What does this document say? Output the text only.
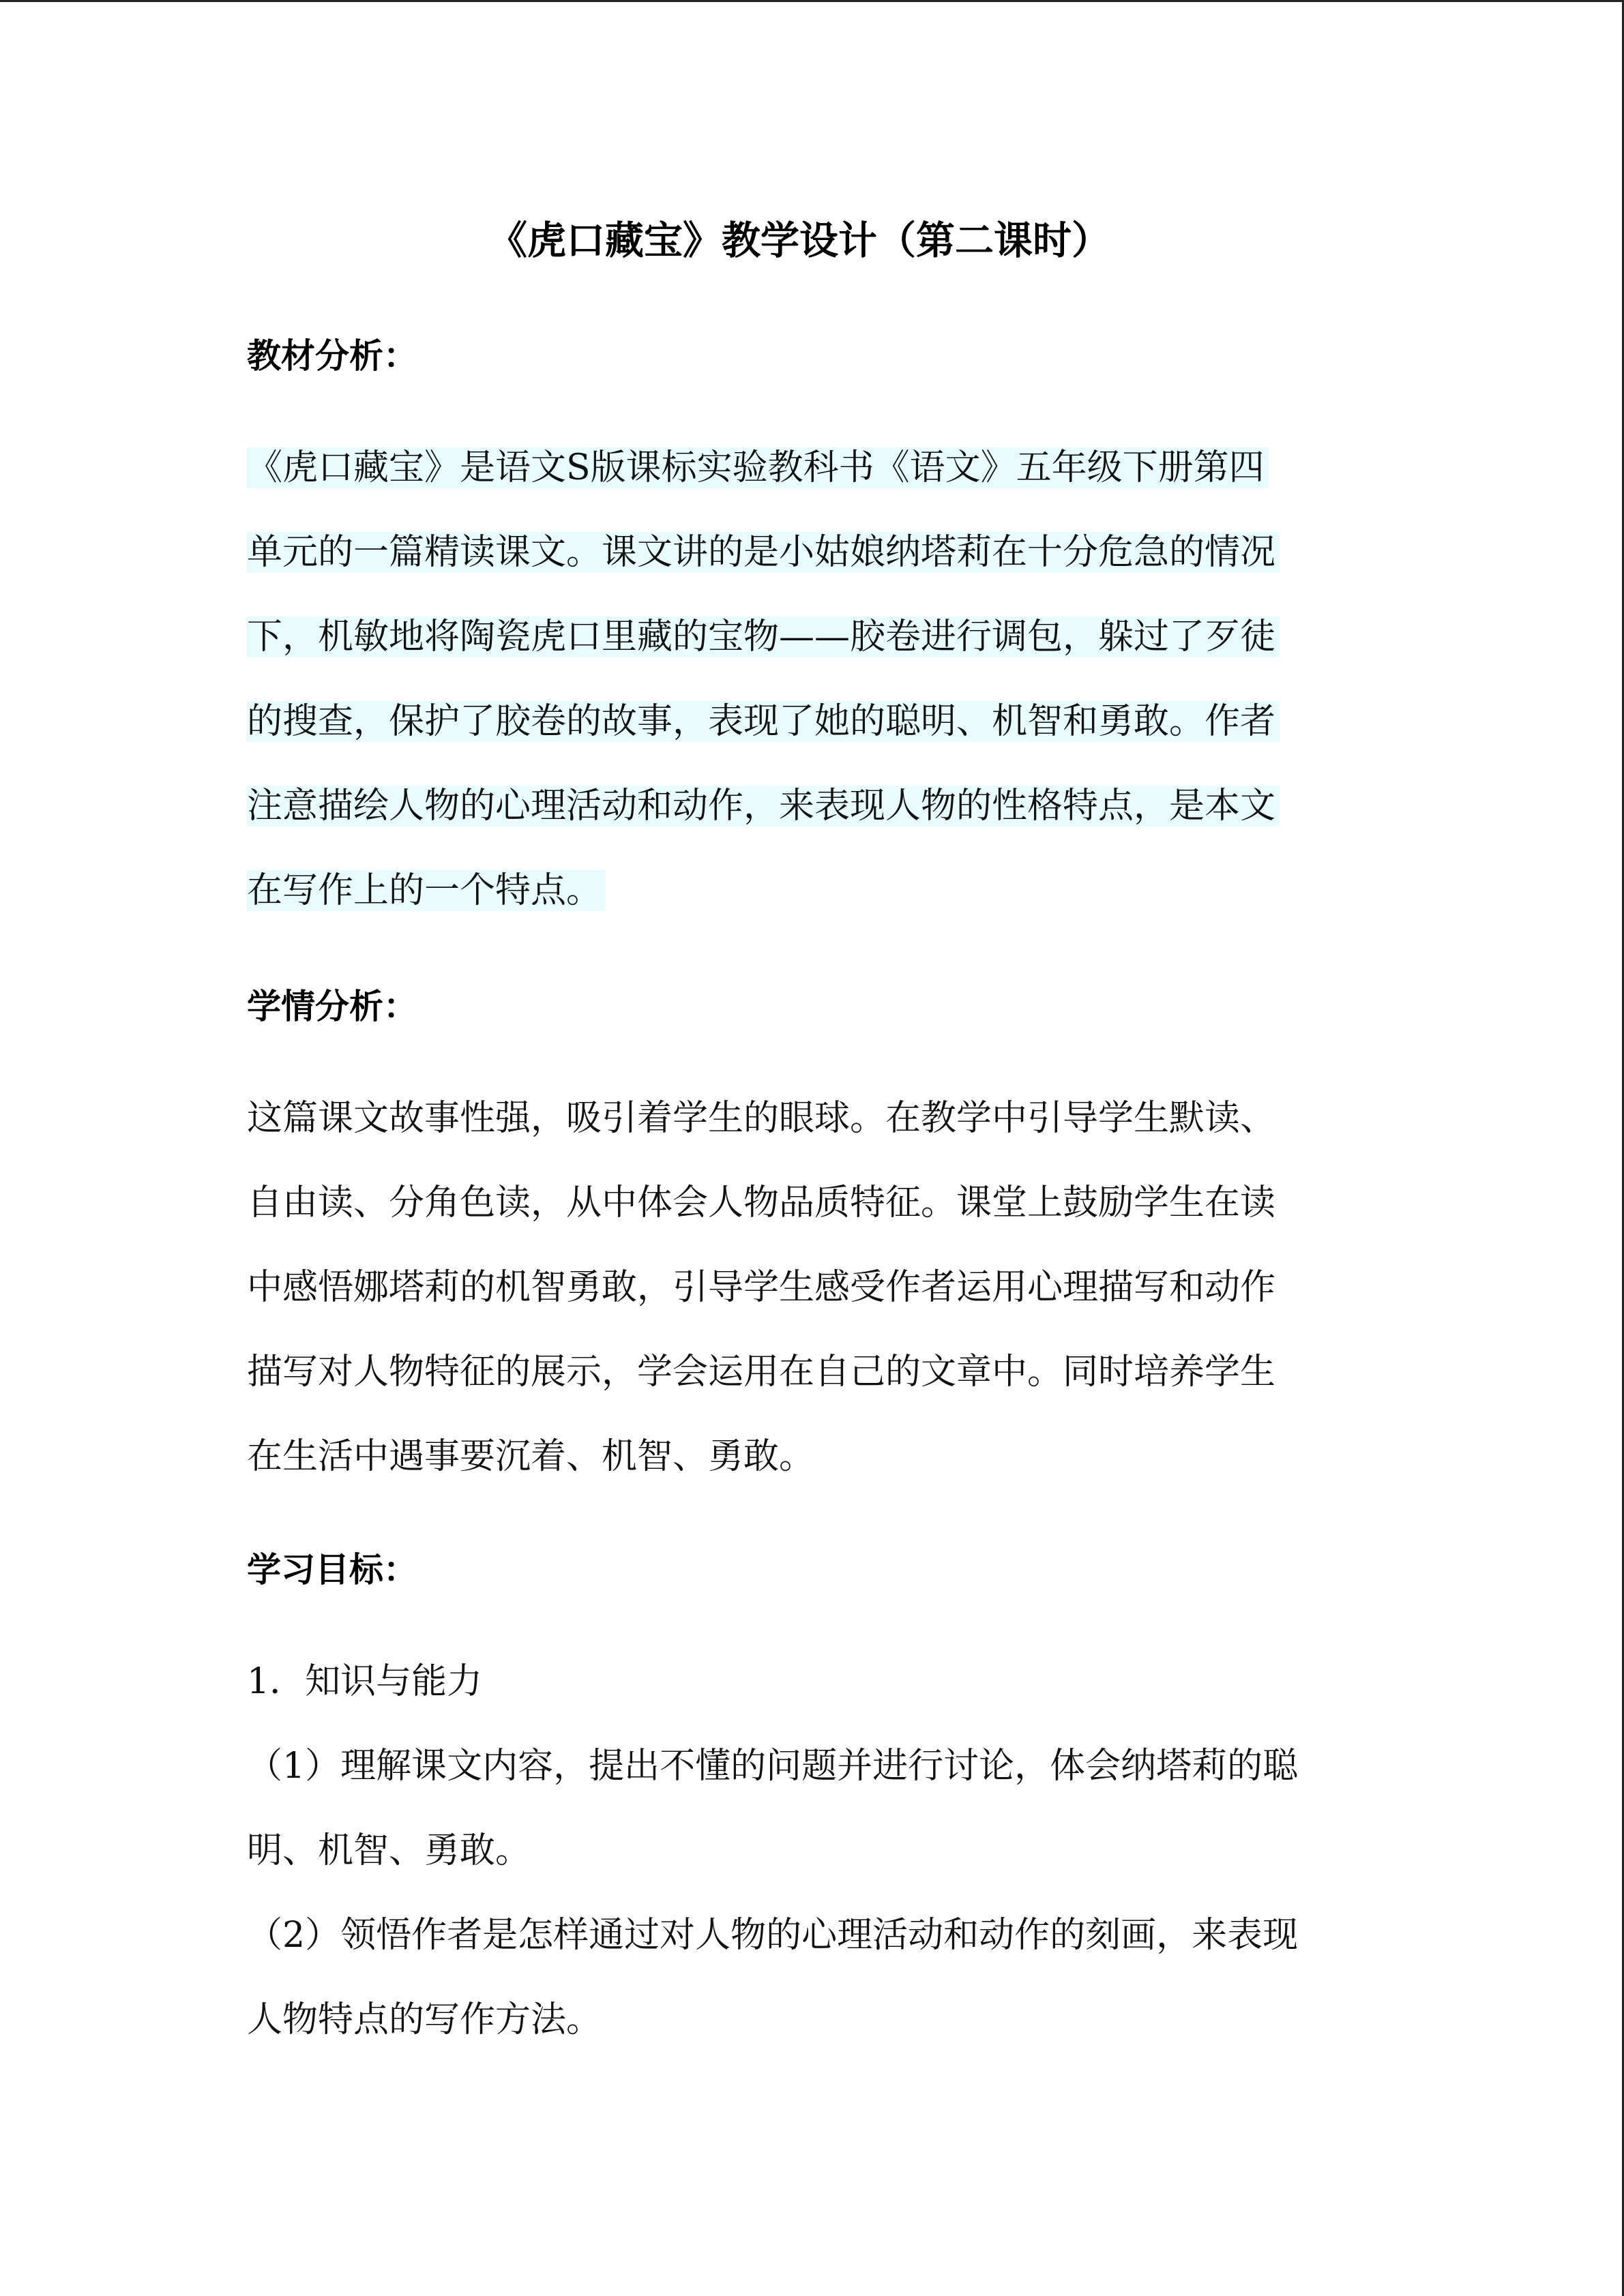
《虎口藏宝》教学设计（第二课时）
教材分析：
《虎口藏宝》是语文S版课标实验教科书《语文》五年级下册第四
单元的一篇精读课文。课文讲的是小姑娘纳塔莉在十分危急的情况
下，机敏地将陶瓷虎口里藏的宝物——胶卷进行调包，躲过了歹徒
的搜查，保护了胶卷的故事，表现了她的聪明、机智和勇敢。作者
注意描绘人物的心理活动和动作，来表现人物的性格特点，是本文
在写作上的一个特点。
学情分析：
这篇课文故事性强，吸引着学生的眼球。在教学中引导学生默读、
自由读、分角色读，从中体会人物品质特征。课堂上鼓励学生在读
中感悟娜塔莉的机智勇敢，引导学生感受作者运用心理描写和动作
描写对人物特征的展示，学会运用在自己的文章中。同时培养学生
在生活中遇事要沉着、机智、勇敢。
学习目标：
1．知识与能力
（1）理解课文内容，提出不懂的问题并进行讨论，体会纳塔莉的聪
明、机智、勇敢。
（2）领悟作者是怎样通过对人物的心理活动和动作的刻画，来表现
人物特点的写作方法。
